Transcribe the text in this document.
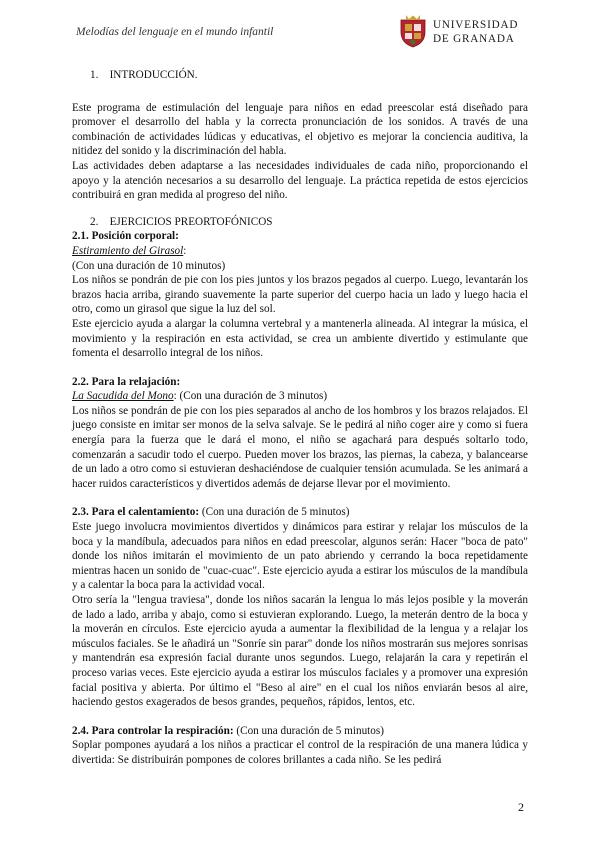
Melodías del lenguaje en el mundo infantil
UNIVERSIDAD
DE GRANADA
1. INTRODUCCIÓN.

Este programa de estimulación del lenguaje para niños en edad preescolar está diseñado para promover el desarrollo del habla y la correcta pronunciación de los sonidos. A través de una combinación de actividades lúdicas y educativas, el objetivo es mejorar la conciencia auditiva, la nitidez del sonido y la discriminación del habla.

Las actividades deben adaptarse a las necesidades individuales de cada niño, proporcionando el apoyo y la atención necesarios a su desarrollo del lenguaje. La práctica repetida de estos ejercicios contribuirá en gran medida al progreso del niño.

2. EJERCICIOS PREORTOFÓNICOS
2.1. Posición corporal:
Estiramiento del Girasol:
(Con una duración de 10 minutos)

Los niños se pondrán de pie con los pies juntos y los brazos pegados al cuerpo. Luego, levantarán los brazos hacia arriba, girando suavemente la parte superior del cuerpo hacia un lado y luego hacia el otro, como un girasol que sigue la luz del sol.

Este ejercicio ayuda a alargar la columna vertebral y a mantenerla alineada. Al integrar la música, el movimiento y la respiración en esta actividad, se crea un ambiente divertido y estimulante que fomenta el desarrollo integral de los niños.

2.2. Para la relajación:
La Sacudida del Mono: (Con una duración de 3 minutos)

Los niños se pondrán de pie con los pies separados al ancho de los hombros y los brazos relajados. El juego consiste en imitar ser monos de la selva salvaje. Se le pedirá al niño coger aire y como si fuera energía para la fuerza que le dará el mono, el niño se agachará para después soltarlo todo, comenzarán a sacudir todo el cuerpo. Pueden mover los brazos, las piernas, la cabeza, y balancearse de un lado a otro como si estuvieran deshaciéndose de cualquier tensión acumulada. Se les animará a hacer ruidos característicos y divertidos además de dejarse llevar por el movimiento.

2.3. Para el calentamiento: (Con una duración de 5 minutos)

Este juego involucra movimientos divertidos y dinámicos para estirar y relajar los músculos de la boca y la mandíbula, adecuados para niños en edad preescolar, algunos serán: Hacer "boca de pato" donde los niños imitarán el movimiento de un pato abriendo y cerrando la boca repetidamente mientras hacen un sonido de "cuac-cuac". Este ejercicio ayuda a estirar los músculos de la mandíbula y a calentar la boca para la actividad vocal.

Otro sería la "lengua traviesa", donde los niños sacarán la lengua lo más lejos posible y la moverán de lado a lado, arriba y abajo, como si estuvieran explorando. Luego, la meterán dentro de la boca y la moverán en círculos. Este ejercicio ayuda a aumentar la flexibilidad de la lengua y a relajar los músculos faciales. Se le añadirá un "Sonríe sin parar" donde los niños mostrarán sus mejores sonrisas y mantendrán esa expresión facial durante unos segundos. Luego, relajarán la cara y repetirán el proceso varias veces. Este ejercicio ayuda a estirar los músculos faciales y a promover una expresión facial positiva y abierta. Por último el "Beso al aire" en el cual los niños enviarán besos al aire, haciendo gestos exagerados de besos grandes, pequeños, rápidos, lentos, etc.

2.4. Para controlar la respiración: (Con una duración de 5 minutos)

Soplar pompones ayudará a los niños a practicar el control de la respiración de una manera lúdica y divertida: Se distribuirán pompones de colores brillantes a cada niño. Se les pedirá

2
